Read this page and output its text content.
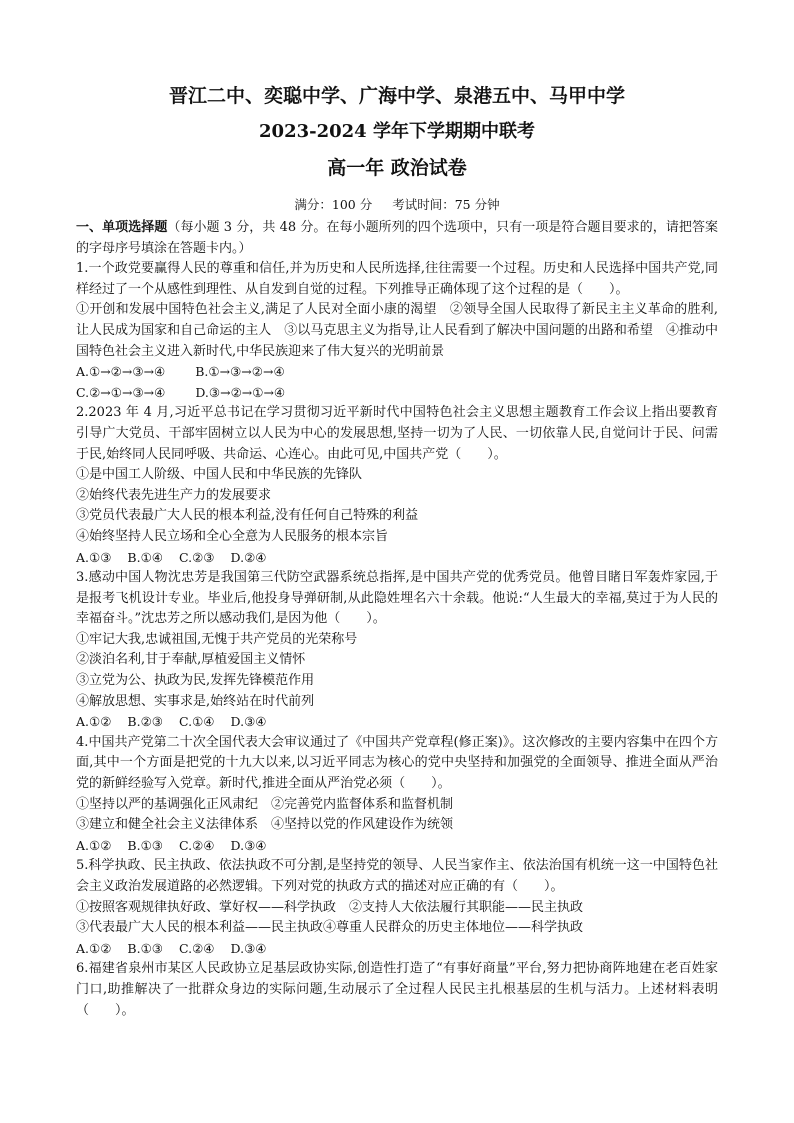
晋江二中、奕聪中学、广海中学、泉港五中、马甲中学
2023-2024 学年下学期期中联考
高一年 政治试卷
满分：100 分 考试时间：75 分钟

一、单项选择题（每小题 3 分，共 48 分。在每小题所列的四个选项中，只有一项是符合题目要求的，请把答案的字母序号填涂在答题卡内。）

1.一个政党要赢得人民的尊重和信任,并为历史和人民所选择,往往需要一个过程。历史和人民选择中国共产党,同样经过了一个从感性到理性、从自发到自觉的过程。下列推导正确体现了这个过程的是（　　）。

①开创和发展中国特色社会主义,满足了人民对全面小康的渴望　②领导全国人民取得了新民主主义革命的胜利,让人民成为国家和自己命运的主人　③以马克思主义为指导,让人民看到了解决中国问题的出路和希望　④推动中国特色社会主义进入新时代,中华民族迎来了伟大复兴的光明前景

A.①→②→③→④ B.①→③→②→④
C.②→①→③→④ D.③→②→①→④

2.2023 年 4 月,习近平总书记在学习贯彻习近平新时代中国特色社会主义思想主题教育工作会议上指出要教育引导广大党员、干部牢固树立以人民为中心的发展思想,坚持一切为了人民、一切依靠人民,自觉问计于民、问需于民,始终同人民同呼吸、共命运、心连心。由此可见,中国共产党（　　）。

①是中国工人阶级、中国人民和中华民族的先锋队

②始终代表先进生产力的发展要求

③党员代表最广大人民的根本利益,没有任何自己特殊的利益

④始终坚持人民立场和全心全意为人民服务的根本宗旨

A.①③ B.①④ C.②③ D.②④

3.感动中国人物沈忠芳是我国第三代防空武器系统总指挥,是中国共产党的优秀党员。他曾目睹日军轰炸家园,于是报考飞机设计专业。毕业后,他投身导弹研制,从此隐姓埋名六十余载。他说:“人生最大的幸福,莫过于为人民的幸福奋斗。”沈忠芳之所以感动我们,是因为他（　　）。

①牢记大我,忠诚祖国,无愧于共产党员的光荣称号

②淡泊名利,甘于奉献,厚植爱国主义情怀

③立党为公、执政为民,发挥先锋模范作用

④解放思想、实事求是,始终站在时代前列

A.①② B.②③ C.①④ D.③④

4.中国共产党第二十次全国代表大会审议通过了《中国共产党章程(修正案)》。这次修改的主要内容集中在四个方面,其中一个方面是把党的十九大以来,以习近平同志为核心的党中央坚持和加强党的全面领导、推进全面从严治党的新鲜经验写入党章。新时代,推进全面从严治党必须（　　）。

①坚持以严的基调强化正风肃纪　②完善党内监督体系和监督机制

③建立和健全社会主义法律体系　④坚持以党的作风建设作为统领

A.①② B.①③ C.②④ D.③④

5.科学执政、民主执政、依法执政不可分割,是坚持党的领导、人民当家作主、依法治国有机统一这一中国特色社会主义政治发展道路的必然逻辑。下列对党的执政方式的描述对应正确的有（　　）。

①按照客观规律执好政、掌好权——科学执政　②支持人大依法履行其职能——民主执政

③代表最广大人民的根本利益——民主执政④尊重人民群众的历史主体地位——科学执政

A.①② B.①③ C.②④ D.③④

6.福建省泉州市某区人民政协立足基层政协实际,创造性打造了“有事好商量”平台,努力把协商阵地建在老百姓家门口,助推解决了一批群众身边的实际问题,生动展示了全过程人民民主扎根基层的生机与活力。上述材料表明（　　）。
